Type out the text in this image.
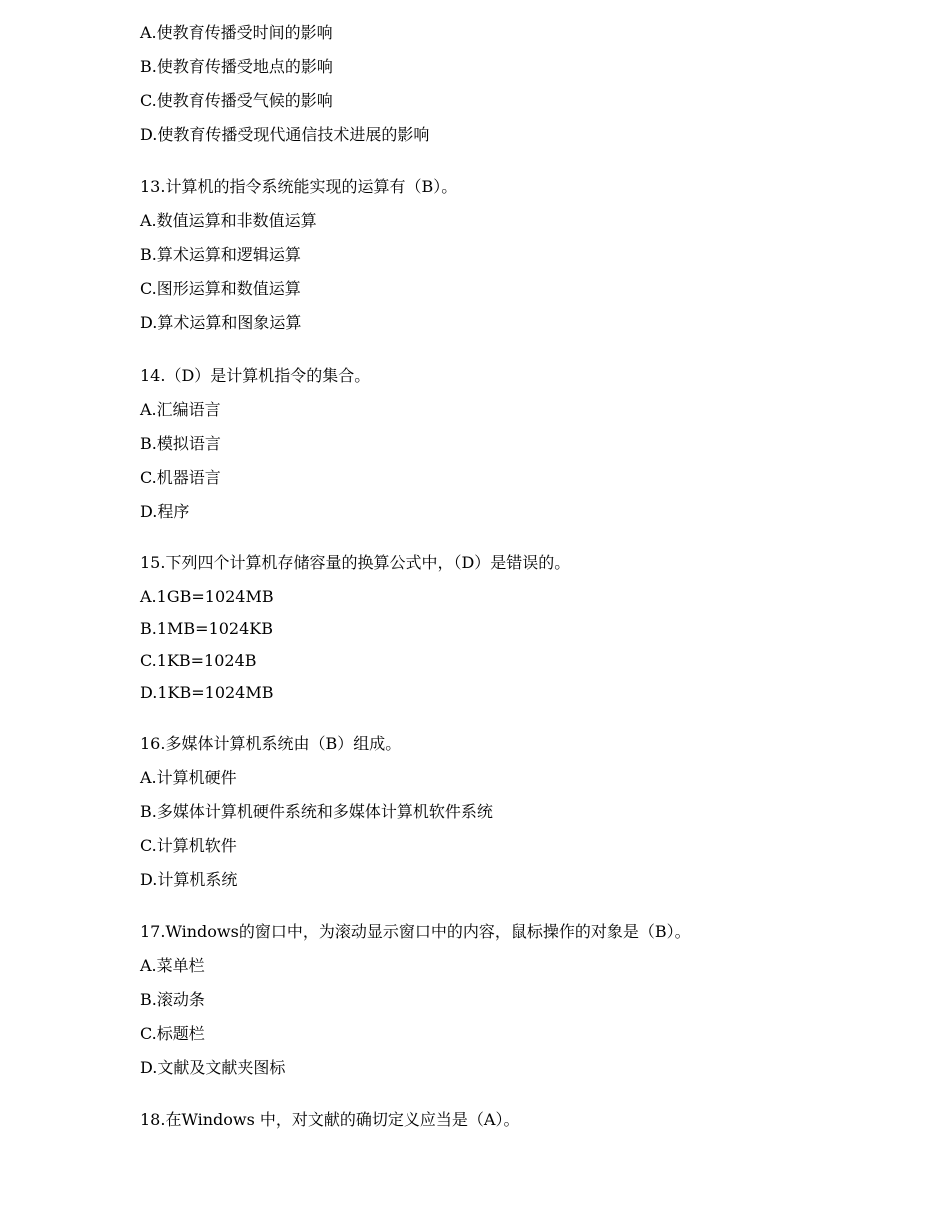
A.使教育传播受时间的影响

B.使教育传播受地点的影响

C.使教育传播受气候的影响

D.使教育传播受现代通信技术进展的影响

13.计算机的指令系统能实现的运算有（B）。

A.数值运算和非数值运算

B.算术运算和逻辑运算

C.图形运算和数值运算

D.算术运算和图象运算

14.（D）是计算机指令的集合。

A.汇编语言

B.模拟语言

C.机器语言

D.程序

15.下列四个计算机存储容量的换算公式中，（D）是错误的。

A.1GB=1024MB

B.1MB=1024KB

C.1KB=1024B

D.1KB=1024MB

16.多媒体计算机系统由（B）组成。

A.计算机硬件

B.多媒体计算机硬件系统和多媒体计算机软件系统

C.计算机软件

D.计算机系统

17.Windows的窗口中，为滚动显示窗口中的内容，鼠标操作的对象是（B）。

A.菜单栏

B.滚动条

C.标题栏

D.文献及文献夹图标

18.在Windows 中，对文献的确切定义应当是（A）。
